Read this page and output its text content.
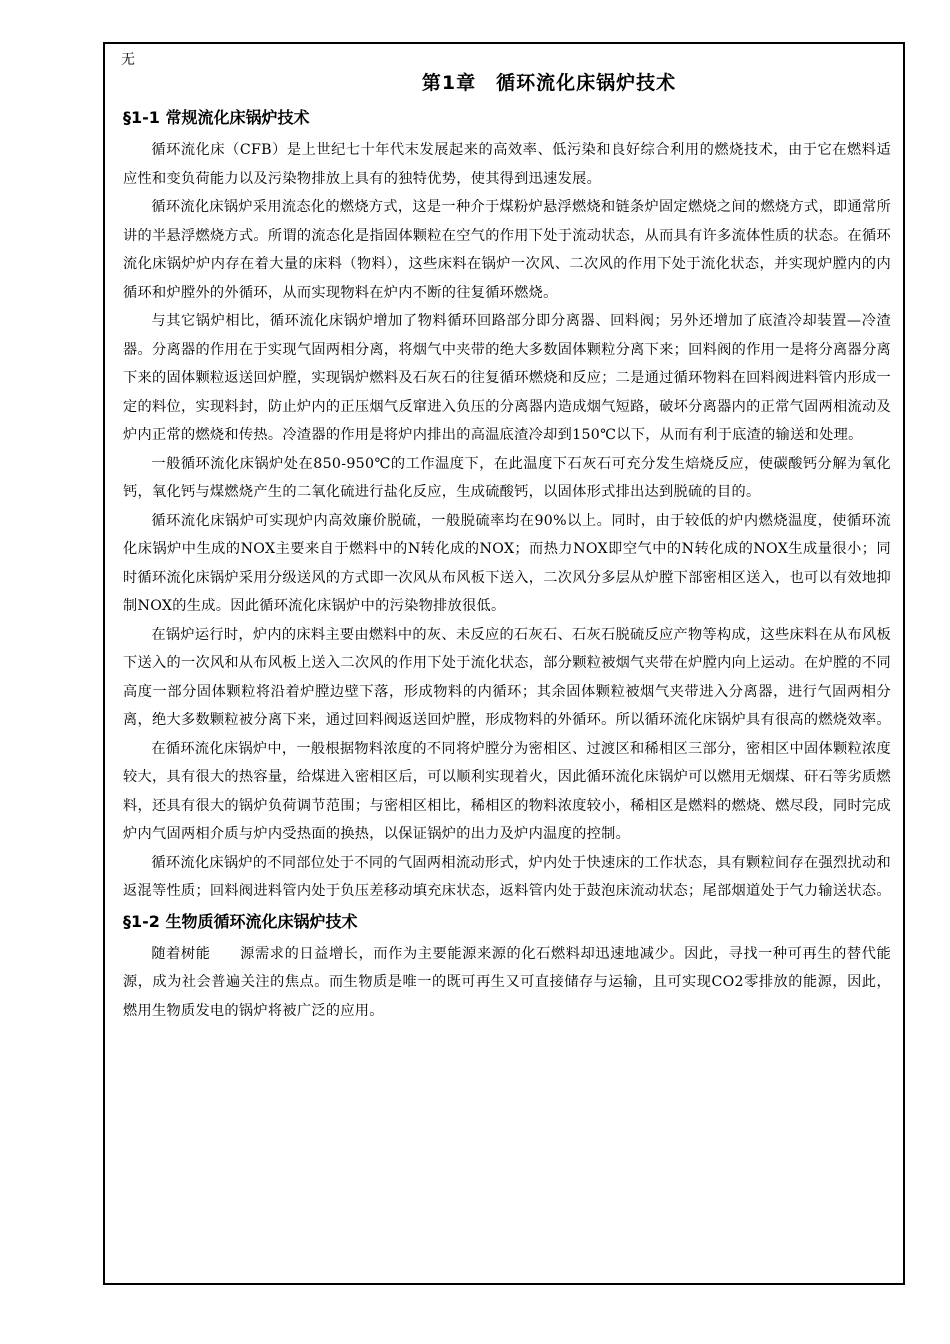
无
第1章　循环流化床锅炉技术
§1-1 常规流化床锅炉技术

循环流化床（CFB）是上世纪七十年代末发展起来的高效率、低污染和良好综合利用的燃烧技术，由于它在燃料适应性和变负荷能力以及污染物排放上具有的独特优势，使其得到迅速发展。

循环流化床锅炉采用流态化的燃烧方式，这是一种介于煤粉炉悬浮燃烧和链条炉固定燃烧之间的燃烧方式，即通常所讲的半悬浮燃烧方式。所谓的流态化是指固体颗粒在空气的作用下处于流动状态，从而具有许多流体性质的状态。在循环流化床锅炉炉内存在着大量的床料（物料），这些床料在锅炉一次风、二次风的作用下处于流化状态，并实现炉膛内的内循环和炉膛外的外循环，从而实现物料在炉内不断的往复循环燃烧。

与其它锅炉相比，循环流化床锅炉增加了物料循环回路部分即分离器、回料阀；另外还增加了底渣冷却装置—冷渣器。分离器的作用在于实现气固两相分离，将烟气中夹带的绝大多数固体颗粒分离下来；回料阀的作用一是将分离器分离下来的固体颗粒返送回炉膛，实现锅炉燃料及石灰石的往复循环燃烧和反应；二是通过循环物料在回料阀进料管内形成一定的料位，实现料封，防止炉内的正压烟气反窜进入负压的分离器内造成烟气短路，破坏分离器内的正常气固两相流动及炉内正常的燃烧和传热。冷渣器的作用是将炉内排出的高温底渣冷却到150℃以下，从而有利于底渣的输送和处理。

一般循环流化床锅炉处在850-950℃的工作温度下，在此温度下石灰石可充分发生焙烧反应，使碳酸钙分解为氧化钙，氧化钙与煤燃烧产生的二氧化硫进行盐化反应，生成硫酸钙，以固体形式排出达到脱硫的目的。

循环流化床锅炉可实现炉内高效廉价脱硫，一般脱硫率均在90%以上。同时，由于较低的炉内燃烧温度，使循环流化床锅炉中生成的NOX主要来自于燃料中的N转化成的NOX；而热力NOX即空气中的N转化成的NOX生成量很小；同时循环流化床锅炉采用分级送风的方式即一次风从布风板下送入，二次风分多层从炉膛下部密相区送入，也可以有效地抑制NOX的生成。因此循环流化床锅炉中的污染物排放很低。

在锅炉运行时，炉内的床料主要由燃料中的灰、未反应的石灰石、石灰石脱硫反应产物等构成，这些床料在从布风板下送入的一次风和从布风板上送入二次风的作用下处于流化状态，部分颗粒被烟气夹带在炉膛内向上运动。在炉膛的不同高度一部分固体颗粒将沿着炉膛边壁下落，形成物料的内循环；其余固体颗粒被烟气夹带进入分离器，进行气固两相分离，绝大多数颗粒被分离下来，通过回料阀返送回炉膛，形成物料的外循环。所以循环流化床锅炉具有很高的燃烧效率。

在循环流化床锅炉中，一般根据物料浓度的不同将炉膛分为密相区、过渡区和稀相区三部分，密相区中固体颗粒浓度较大，具有很大的热容量，给煤进入密相区后，可以顺利实现着火，因此循环流化床锅炉可以燃用无烟煤、矸石等劣质燃料，还具有很大的锅炉负荷调节范围；与密相区相比，稀相区的物料浓度较小，稀相区是燃料的燃烧、燃尽段，同时完成炉内气固两相介质与炉内受热面的换热，以保证锅炉的出力及炉内温度的控制。

循环流化床锅炉的不同部位处于不同的气固两相流动形式，炉内处于快速床的工作状态，具有颗粒间存在强烈扰动和返混等性质；回料阀进料管内处于负压差移动填充床状态，返料管内处于鼓泡床流动状态；尾部烟道处于气力输送状态。

§1-2 生物质循环流化床锅炉技术

随着树能　　源需求的日益增长，而作为主要能源来源的化石燃料却迅速地减少。因此，寻找一种可再生的替代能源，成为社会普遍关注的焦点。而生物质是唯一的既可再生又可直接储存与运输，且可实现CO2零排放的能源，因此，燃用生物质发电的锅炉将被广泛的应用。
